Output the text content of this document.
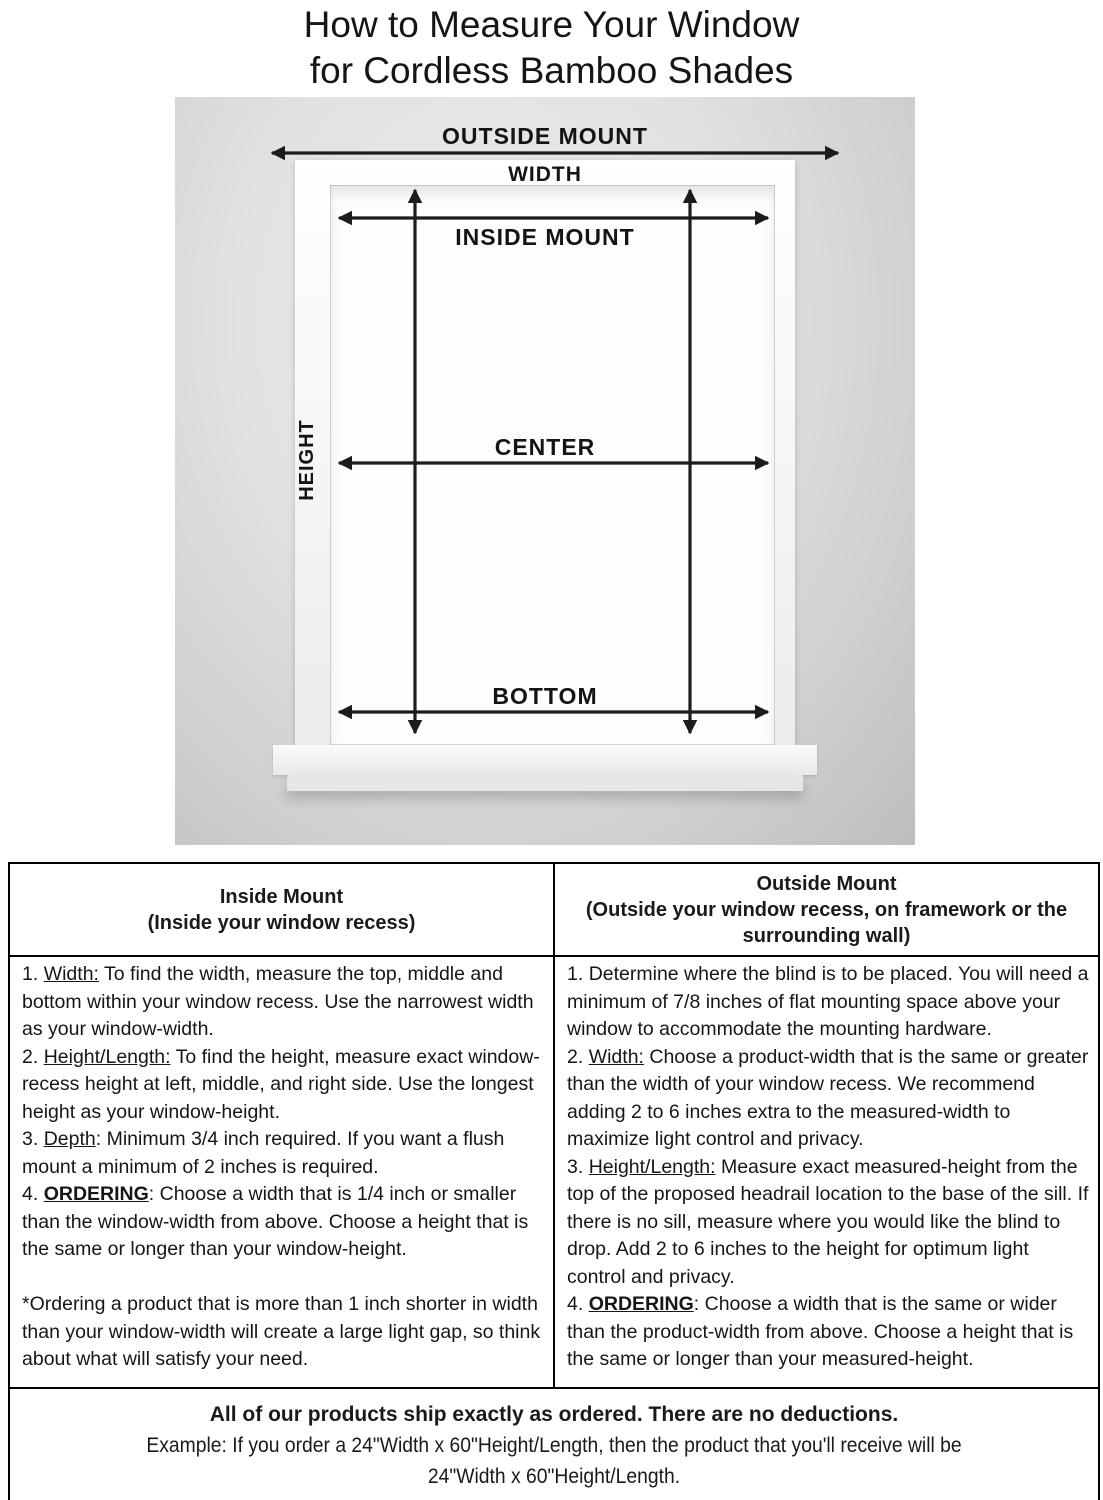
How to Measure Your Window
for Cordless Bamboo Shades
OUTSIDE MOUNT
WIDTH
INSIDE MOUNT
HEIGHT	CENTER
BOTTOM
Inside Mount
(Inside your window recess)
Outside Mount
(Outside your window recess, on framework or the surrounding wall)
1. Width: To find the width, measure the top, middle and bottom within your window recess. Use the narrowest width as your window-width.
2. Height/Length: To find the height, measure exact window-recess height at left, middle, and right side. Use the longest height as your window-height.
3. Depth: Minimum 3/4 inch required. If you want a flush mount a minimum of 2 inches is required.
4. ORDERING: Choose a width that is 1/4 inch or smaller than the window-width from above. Choose a height that is the same or longer than your window-height.
*Ordering a product that is more than 1 inch shorter in width than your window-width will create a large light gap, so think about what will satisfy your need.
1. Determine where the blind is to be placed. You will need a minimum of 7/8 inches of flat mounting space above your window to accommodate the mounting hardware.
2. Width: Choose a product-width that is the same or greater than the width of your window recess. We recommend adding 2 to 6 inches extra to the measured-width to maximize light control and privacy.
3. Height/Length: Measure exact measured-height from the top of the proposed headrail location to the base of the sill. If there is no sill, measure where you would like the blind to drop. Add 2 to 6 inches to the height for optimum light control and privacy.
4. ORDERING: Choose a width that is the same or wider than the product-width from above. Choose a height that is the same or longer than your measured-height.
All of our products ship exactly as ordered. There are no deductions.
Example: If you order a 24"Width x 60"Height/Length, then the product that you'll receive will be
24"Width x 60"Height/Length.
